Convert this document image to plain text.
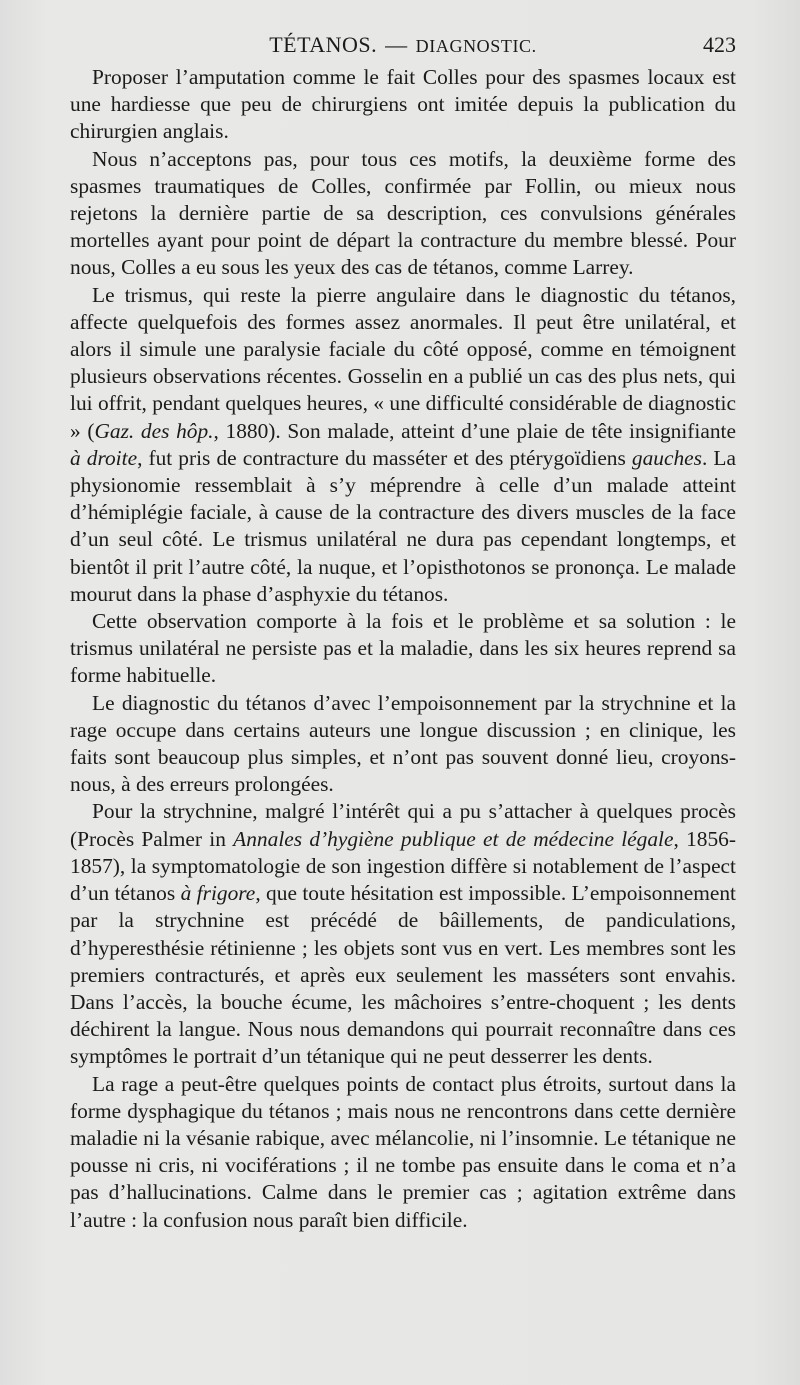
TÉTANOS. — DIAGNOSTIC.	423

Proposer l’amputation comme le fait Colles pour des spasmes locaux est une hardiesse que peu de chirurgiens ont imitée depuis la publication du chirurgien anglais.

Nous n’acceptons pas, pour tous ces motifs, la deuxième forme des spasmes traumatiques de Colles, confirmée par Follin, ou mieux nous rejetons la dernière partie de sa description, ces convulsions générales mortelles ayant pour point de départ la contracture du membre blessé. Pour nous, Colles a eu sous les yeux des cas de tétanos, comme Larrey.

Le trismus, qui reste la pierre angulaire dans le diagnostic du tétanos, affecte quelquefois des formes assez anormales. Il peut être unilatéral, et alors il simule une paralysie faciale du côté opposé, comme en témoignent plusieurs observations récentes. Gosselin en a publié un cas des plus nets, qui lui offrit, pendant quelques heures, « une difficulté considérable de diagnostic » (Gaz. des hôp., 1880). Son malade, atteint d’une plaie de tête insignifiante à droite, fut pris de contracture du masséter et des ptérygoïdiens gauches. La physionomie ressemblait à s’y méprendre à celle d’un malade atteint d’hémiplégie faciale, à cause de la contracture des divers muscles de la face d’un seul côté. Le trismus unilatéral ne dura pas cependant longtemps, et bientôt il prit l’autre côté, la nuque, et l’opisthotonos se prononça. Le malade mourut dans la phase d’asphyxie du tétanos.

Cette observation comporte à la fois et le problème et sa solution : le trismus unilatéral ne persiste pas et la maladie, dans les six heures reprend sa forme habituelle.

Le diagnostic du tétanos d’avec l’empoisonnement par la strychnine et la rage occupe dans certains auteurs une longue discussion ; en clinique, les faits sont beaucoup plus simples, et n’ont pas souvent donné lieu, croyons-nous, à des erreurs prolongées.

Pour la strychnine, malgré l’intérêt qui a pu s’attacher à quelques procès (Procès Palmer in Annales d’hygiène publique et de médecine légale, 1856-1857), la symptomatologie de son ingestion diffère si notablement de l’aspect d’un tétanos à frigore, que toute hésitation est impossible. L’empoisonnement par la strychnine est précédé de bâillements, de pandiculations, d’hyperesthésie rétinienne ; les objets sont vus en vert. Les membres sont les premiers contracturés, et après eux seulement les masséters sont envahis. Dans l’accès, la bouche écume, les mâchoires s’entre-choquent ; les dents déchirent la langue. Nous nous demandons qui pourrait reconnaître dans ces symptômes le portrait d’un tétanique qui ne peut desserrer les dents.

La rage a peut-être quelques points de contact plus étroits, surtout dans la forme dysphagique du tétanos ; mais nous ne rencontrons dans cette dernière maladie ni la vésanie rabique, avec mélancolie, ni l’insomnie. Le tétanique ne pousse ni cris, ni vociférations ; il ne tombe pas ensuite dans le coma et n’a pas d’hallucinations. Calme dans le premier cas ; agitation extrême dans l’autre : la confusion nous paraît bien difficile.
